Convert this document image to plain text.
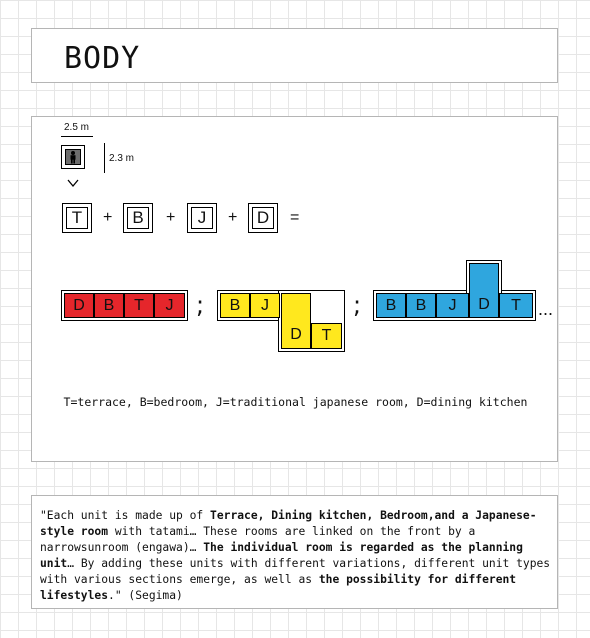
BODY
2.5 m
2.3 m
T	+	B	+	J	+ D	=
D	B	T	J ;	B	J
D	T
;	B	B	J	D	T ...
T=terrace, B=bedroom, J=traditional japanese room, D=dining kitchen
"Each unit is made up of Terrace, Dining kitchen, Bedroom,and a Japanese-style room with tatami… These rooms are linked on the front by a narrowsunroom (engawa)… The individual room is regarded as the planning unit… By adding these units with different variations, different unit types with various sections emerge, as well as the possibility for different lifestyles." (Segima)
